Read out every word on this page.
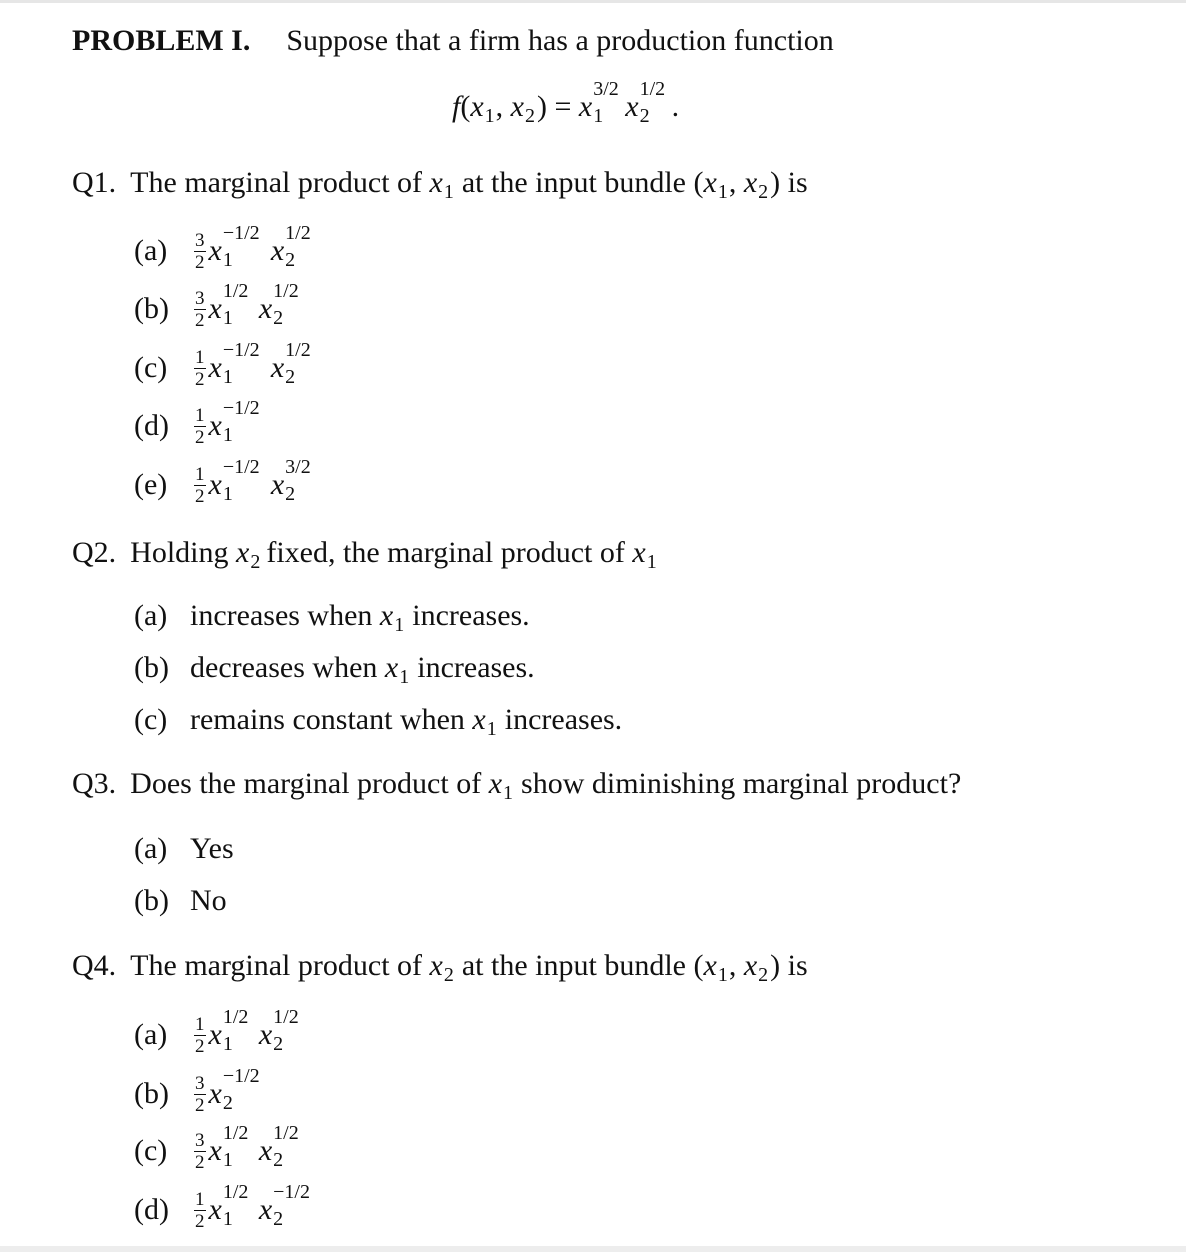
PROBLEM I. Suppose that a firm has a production function
f(x 1 , x 2 ) = x
3/2
1 x
1/2
2 .
Q1. The marginal product of x 1 at the input bundle (x 1 , x 2 ) is
$(a) \frac{3}{2}$ x
−1/2
1 x
1/2
2
$(b) \frac{3}{2}$ x
1/2
1 x
1/2
2
$(c) \frac{1}{2}$ x
−1/2
1 x
1/2
2
$(d) \frac{1}{2}$ x
−1/2
1
$(e) \frac{1}{2}$ x
−1/2
1 x
3/2
2
Q2. Holding x 2 fixed, the marginal product of x 1
(a) increases when x 1 increases.
(b) decreases when x 1 increases.
(c) remains constant when x 1 increases.
Q3. Does the marginal product of x 1 show diminishing marginal product?
(a) Yes
(b) No
Q4. The marginal product of x 2 at the input bundle (x 1 , x 2 ) is
$(a) \frac{1}{2}$ x
1/2
1 x
1/2
2
$(b) \frac{3}{2}$ x
−1/2
2
$(c) \frac{3}{2}$ x
1/2
1 x
1/2
2
$(d) \frac{1}{2}$ x
1/2
1 x
−1/2
2
